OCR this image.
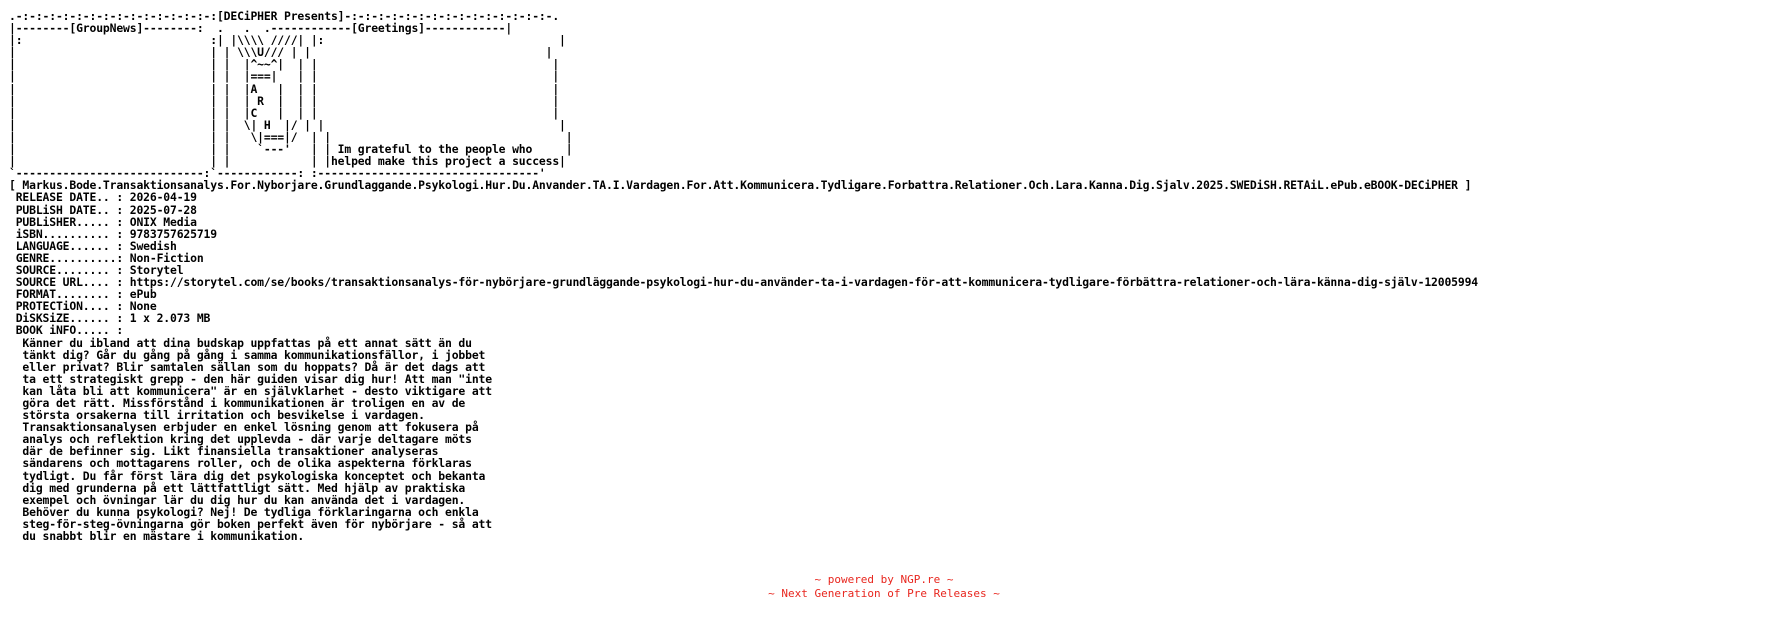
.-:-:-:-:-:-:-:-:-:-:-:-:-:-:-:[DECiPHER Presents]-:-:-:-:-:-:-:-:-:-:-:-:-:-:-:-.
|--------[GroupNews]--------:  .   .  .------------[Greetings]------------|
|:                            :| |\\\\ ////| |:                                   |
|                             | | \\\U/// | |                                   |
|                             | |  |^~~^|  | |                                   |
|                             | |  |===|   | |                                   |
|                             | |  |A   |  | |                                   |
|                             | |  | R  |  | |                                   |
|                             | |  |C   |  | |                                   |
|                             | |  \| H  |/ | |                                   |
|                             | |   \|===|/  | |                                   |
|                             | |    `---'   | | Im grateful to the people who     |
|                             | |            | |helped make this project a success|
`----------------------------:`------------: :---------------------------------'
[ Markus.Bode.Transaktionsanalys.For.Nyborjare.Grundlaggande.Psykologi.Hur.Du.Anvander.TA.I.Vardagen.For.Att.Kommunicera.Tydligare.Forbattra.Relationer.Och.Lara.Kanna.Dig.Sjalv.2025.SWEDiSH.RETAiL.ePub.eBOOK-DECiPHER ]
RELEASE DATE.. : 2026-04-19
PUBLiSH DATE.. : 2025-07-28
PUBLiSHER..... : ONIX Media
iSBN.......... : 9783757625719
LANGUAGE...... : Swedish
GENRE..........: Non-Fiction
SOURCE........ : Storytel
SOURCE URL.... : https://storytel.com/se/books/transaktionsanalys-för-nybörjare-grundläggande-psykologi-hur-du-använder-ta-i-vardagen-för-att-kommunicera-tydligare-förbättra-relationer-och-lära-känna-dig-själv-12005994
FORMAT........ : ePub
PROTECTiON.... : None
DiSKSiZE...... : 1 x 2.073 MB
BOOK iNFO..... :
Känner du ibland att dina budskap uppfattas på ett annat sätt än du
tänkt dig? Går du gång på gång i samma kommunikationsfällor, i jobbet
eller privat? Blir samtalen sällan som du hoppats? Då är det dags att
ta ett strategiskt grepp - den här guiden visar dig hur! Att man "inte
kan låta bli att kommunicera" är en självklarhet - desto viktigare att
göra det rätt. Missförstånd i kommunikationen är troligen en av de
största orsakerna till irritation och besvikelse i vardagen.
Transaktionsanalysen erbjuder en enkel lösning genom att fokusera på
analys och reflektion kring det upplevda - där varje deltagare möts
där de befinner sig. Likt finansiella transaktioner analyseras
sändarens och mottagarens roller, och de olika aspekterna förklaras
tydligt. Du får först lära dig det psykologiska konceptet och bekanta
dig med grunderna på ett lättfattligt sätt. Med hjälp av praktiska
exempel och övningar lär du dig hur du kan använda det i vardagen.
Behöver du kunna psykologi? Nej! De tydliga förklaringarna och enkla
steg-för-steg-övningarna gör boken perfekt även för nybörjare - så att
du snabbt blir en mästare i kommunikation.
~ powered by NGP.re ~
~ Next Generation of Pre Releases ~
